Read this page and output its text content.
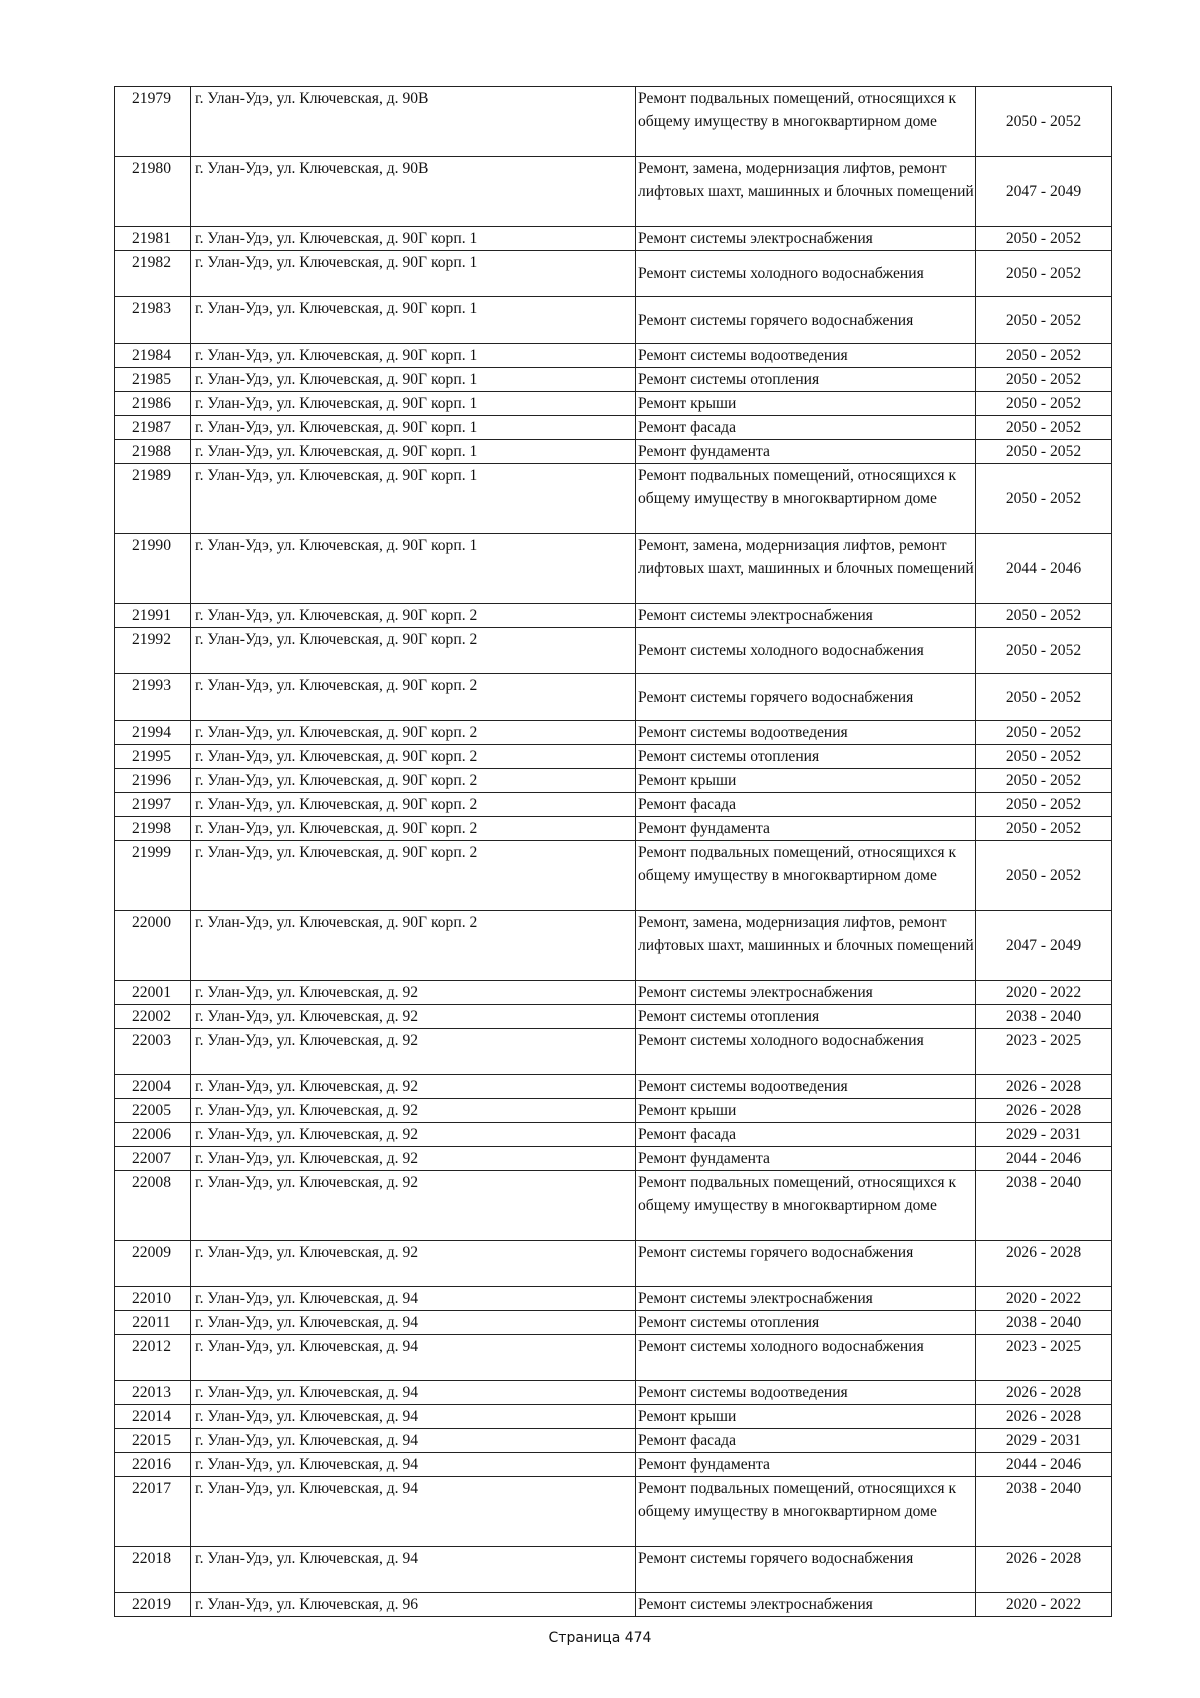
21979	г. Улан-Удэ, ул. Ключевская, д. 90В	Ремонт подвальных помещений, относящихся к общему имуществу в многоквартирном доме	2050 - 2052
21980	г. Улан-Удэ, ул. Ключевская, д. 90В	Ремонт, замена, модернизация лифтов, ремонт лифтовых шахт, машинных и блочных помещений	2047 - 2049
21981	г. Улан-Удэ, ул. Ключевская, д. 90Г корп. 1	Ремонт системы электроснабжения	2050 - 2052
21982	г. Улан-Удэ, ул. Ключевская, д. 90Г корп. 1	Ремонт системы холодного водоснабжения	2050 - 2052
21983	г. Улан-Удэ, ул. Ключевская, д. 90Г корп. 1	Ремонт системы горячего водоснабжения	2050 - 2052
21984	г. Улан-Удэ, ул. Ключевская, д. 90Г корп. 1	Ремонт системы водоотведения	2050 - 2052
21985	г. Улан-Удэ, ул. Ключевская, д. 90Г корп. 1	Ремонт системы отопления	2050 - 2052
21986	г. Улан-Удэ, ул. Ключевская, д. 90Г корп. 1	Ремонт крыши	2050 - 2052
21987	г. Улан-Удэ, ул. Ключевская, д. 90Г корп. 1	Ремонт фасада	2050 - 2052
21988	г. Улан-Удэ, ул. Ключевская, д. 90Г корп. 1	Ремонт фундамента	2050 - 2052
21989	г. Улан-Удэ, ул. Ключевская, д. 90Г корп. 1	Ремонт подвальных помещений, относящихся к общему имуществу в многоквартирном доме	2050 - 2052
21990	г. Улан-Удэ, ул. Ключевская, д. 90Г корп. 1	Ремонт, замена, модернизация лифтов, ремонт лифтовых шахт, машинных и блочных помещений	2044 - 2046
21991	г. Улан-Удэ, ул. Ключевская, д. 90Г корп. 2	Ремонт системы электроснабжения	2050 - 2052
21992	г. Улан-Удэ, ул. Ключевская, д. 90Г корп. 2	Ремонт системы холодного водоснабжения	2050 - 2052
21993	г. Улан-Удэ, ул. Ключевская, д. 90Г корп. 2	Ремонт системы горячего водоснабжения	2050 - 2052
21994	г. Улан-Удэ, ул. Ключевская, д. 90Г корп. 2	Ремонт системы водоотведения	2050 - 2052
21995	г. Улан-Удэ, ул. Ключевская, д. 90Г корп. 2	Ремонт системы отопления	2050 - 2052
21996	г. Улан-Удэ, ул. Ключевская, д. 90Г корп. 2	Ремонт крыши	2050 - 2052
21997	г. Улан-Удэ, ул. Ключевская, д. 90Г корп. 2	Ремонт фасада	2050 - 2052
21998	г. Улан-Удэ, ул. Ключевская, д. 90Г корп. 2	Ремонт фундамента	2050 - 2052
21999	г. Улан-Удэ, ул. Ключевская, д. 90Г корп. 2	Ремонт подвальных помещений, относящихся к общему имуществу в многоквартирном доме	2050 - 2052
22000	г. Улан-Удэ, ул. Ключевская, д. 90Г корп. 2	Ремонт, замена, модернизация лифтов, ремонт лифтовых шахт, машинных и блочных помещений	2047 - 2049
22001	г. Улан-Удэ, ул. Ключевская, д. 92	Ремонт системы электроснабжения	2020 - 2022
22002	г. Улан-Удэ, ул. Ключевская, д. 92	Ремонт системы отопления	2038 - 2040
22003	г. Улан-Удэ, ул. Ключевская, д. 92	Ремонт системы холодного водоснабжения	2023 - 2025
22004	г. Улан-Удэ, ул. Ключевская, д. 92	Ремонт системы водоотведения	2026 - 2028
22005	г. Улан-Удэ, ул. Ключевская, д. 92	Ремонт крыши	2026 - 2028
22006	г. Улан-Удэ, ул. Ключевская, д. 92	Ремонт фасада	2029 - 2031
22007	г. Улан-Удэ, ул. Ключевская, д. 92	Ремонт фундамента	2044 - 2046
22008	г. Улан-Удэ, ул. Ключевская, д. 92	Ремонт подвальных помещений, относящихся к общему имуществу в многоквартирном доме	2038 - 2040
22009	г. Улан-Удэ, ул. Ключевская, д. 92	Ремонт системы горячего водоснабжения	2026 - 2028
22010	г. Улан-Удэ, ул. Ключевская, д. 94	Ремонт системы электроснабжения	2020 - 2022
22011	г. Улан-Удэ, ул. Ключевская, д. 94	Ремонт системы отопления	2038 - 2040
22012	г. Улан-Удэ, ул. Ключевская, д. 94	Ремонт системы холодного водоснабжения	2023 - 2025
22013	г. Улан-Удэ, ул. Ключевская, д. 94	Ремонт системы водоотведения	2026 - 2028
22014	г. Улан-Удэ, ул. Ключевская, д. 94	Ремонт крыши	2026 - 2028
22015	г. Улан-Удэ, ул. Ключевская, д. 94	Ремонт фасада	2029 - 2031
22016	г. Улан-Удэ, ул. Ключевская, д. 94	Ремонт фундамента	2044 - 2046
22017	г. Улан-Удэ, ул. Ключевская, д. 94	Ремонт подвальных помещений, относящихся к общему имуществу в многоквартирном доме	2038 - 2040
22018	г. Улан-Удэ, ул. Ключевская, д. 94	Ремонт системы горячего водоснабжения	2026 - 2028
22019	г. Улан-Удэ, ул. Ключевская, д. 96	Ремонт системы электроснабжения	2020 - 2022
Страница 474
